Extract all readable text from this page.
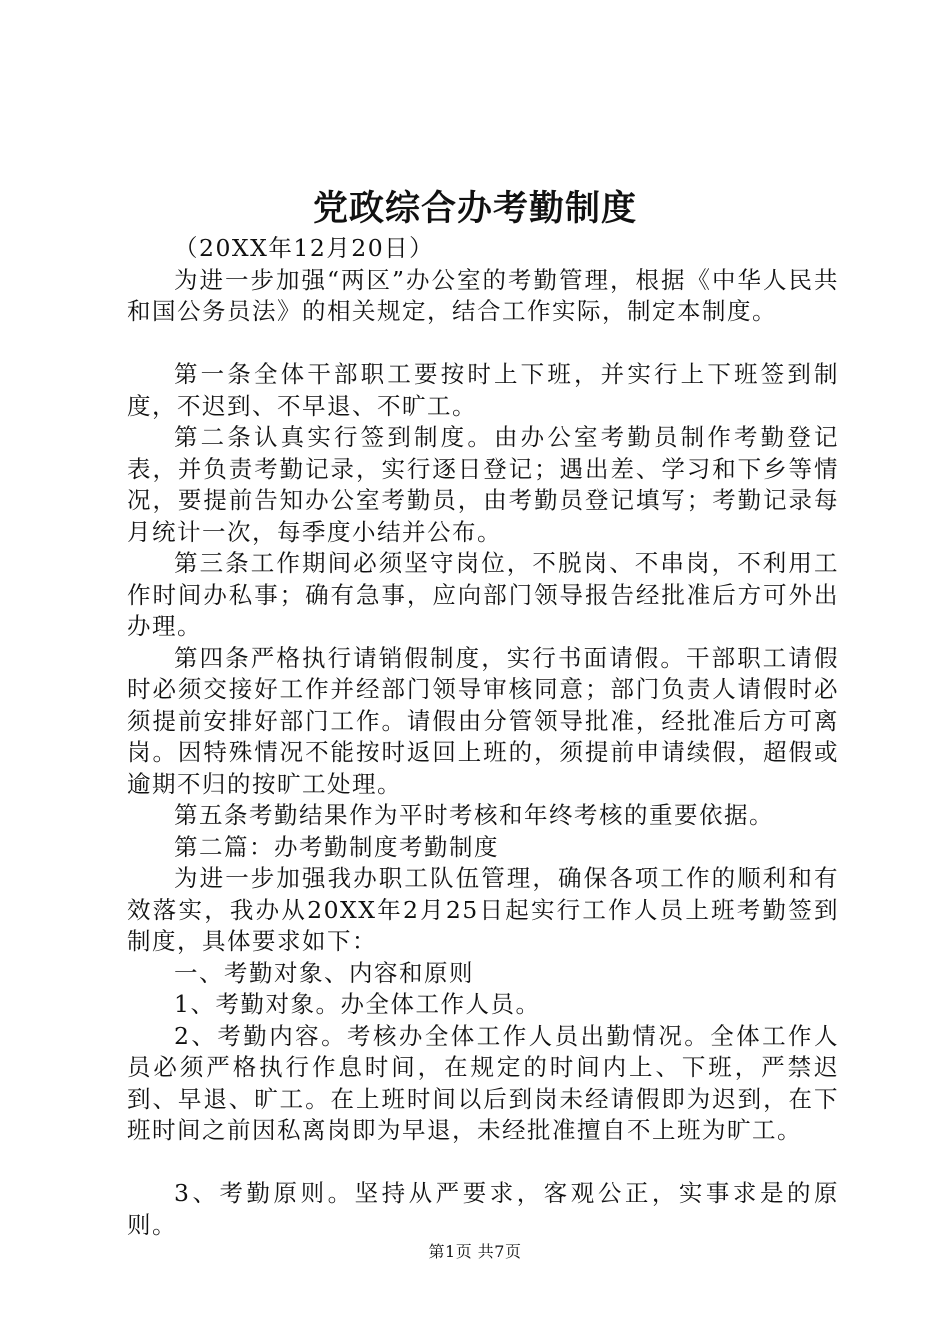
党政综合办考勤制度

（20XX年12月20日）

为进一步加强“两区”办公室的考勤管理，根据《中华人民共和国公务员法》的相关规定，结合工作实际，制定本制度。

第一条全体干部职工要按时上下班，并实行上下班签到制度，不迟到、不早退、不旷工。

第二条认真实行签到制度。由办公室考勤员制作考勤登记表，并负责考勤记录，实行逐日登记；遇出差、学习和下乡等情况，要提前告知办公室考勤员，由考勤员登记填写；考勤记录每月统计一次，每季度小结并公布。

第三条工作期间必须坚守岗位，不脱岗、不串岗，不利用工作时间办私事；确有急事，应向部门领导报告经批准后方可外出办理。

第四条严格执行请销假制度，实行书面请假。干部职工请假时必须交接好工作并经部门领导审核同意；部门负责人请假时必须提前安排好部门工作。请假由分管领导批准，经批准后方可离岗。因特殊情况不能按时返回上班的，须提前申请续假，超假或逾期不归的按旷工处理。

第五条考勤结果作为平时考核和年终考核的重要依据。

第二篇：办考勤制度考勤制度

为进一步加强我办职工队伍管理，确保各项工作的顺利和有效落实，我办从20XX年2月25日起实行工作人员上班考勤签到制度，具体要求如下：

一、考勤对象、内容和原则

1、考勤对象。办全体工作人员。

2、考勤内容。考核办全体工作人员出勤情况。全体工作人员必须严格执行作息时间，在规定的时间内上、下班，严禁迟到、早退、旷工。在上班时间以后到岗未经请假即为迟到，在下班时间之前因私离岗即为早退，未经批准擅自不上班为旷工。

3、考勤原则。坚持从严要求，客观公正，实事求是的原则。

第1页 共7页
